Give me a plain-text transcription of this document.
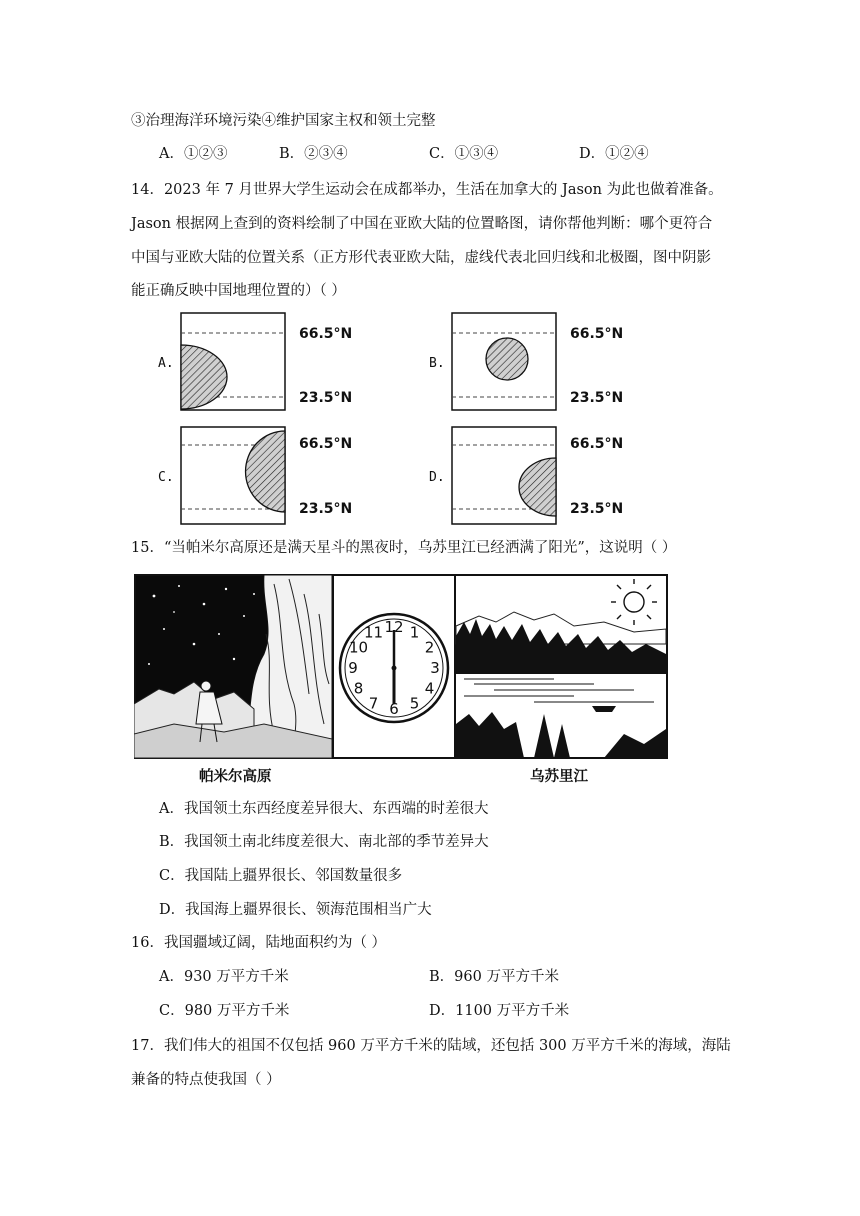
③治理海洋环境污染④维护国家主权和领土完整
A．①②③	B．②③④	C．①③④	D．①②④
14．2023 年 7 月世界大学生运动会在成都举办，生活在加拿大的 Jason 为此也做着准备。
Jason 根据网上查到的资料绘制了中国在亚欧大陆的位置略图，请你帮他判断：哪个更符合
中国与亚欧大陆的位置关系（正方形代表亚欧大陆，虚线代表北回归线和北极圈，图中阴影
能正确反映中国地理位置的）（ ）
A.
66.5°N
23.5°N
B.
66.5°N
23.5°N
C.
66.5°N
23.5°N
D.
66.5°N
23.5°N
15．“当帕米尔高原还是满天星斗的黑夜时，乌苏里江已经洒满了阳光”，这说明（ ）
12 1
2
3
4
5
6
7
8
9
10
11
帕米尔高原	乌苏里江
A．我国领土东西经度差异很大、东西端的时差很大
B．我国领土南北纬度差很大、南北部的季节差异大
C．我国陆上疆界很长、邻国数量很多
D．我国海上疆界很长、领海范围相当广大
16．我国疆域辽阔，陆地面积约为（ ）
A．930 万平方千米	B．960 万平方千米
C．980 万平方千米	D．1100 万平方千米
17．我们伟大的祖国不仅包括 960 万平方千米的陆域，还包括 300 万平方千米的海域，海陆
兼备的特点使我国（ ）
